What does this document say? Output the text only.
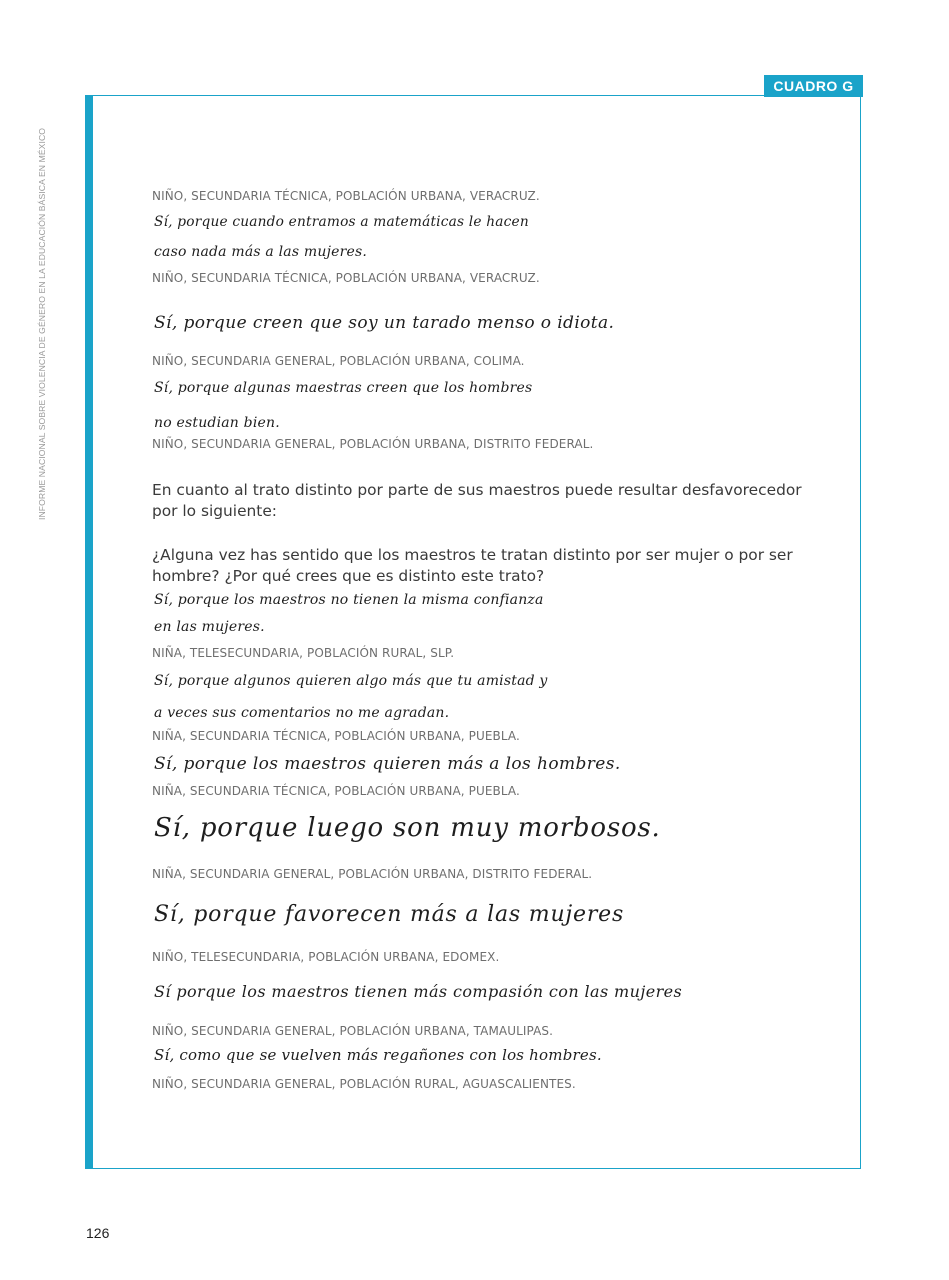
INFORME NACIONAL SOBRE VIOLENCIA DE GÉNERO EN LA EDUCACIÓN BÁSICA EN MÉXICO
CUADRO G
NIÑO, SECUNDARIA TÉCNICA, POBLACIÓN URBANA, VERACRUZ.
Sí, porque cuando entramos a matemáticas le hacen
caso nada más a las mujeres.
NIÑO, SECUNDARIA TÉCNICA, POBLACIÓN URBANA, VERACRUZ.
Sí, porque creen que soy un tarado menso o idiota.
NIÑO, SECUNDARIA GENERAL, POBLACIÓN URBANA, COLIMA.
Sí, porque algunas maestras creen que los hombres
no estudian bien.
NIÑO, SECUNDARIA GENERAL, POBLACIÓN URBANA, DISTRITO FEDERAL.
En cuanto al trato distinto por parte de sus maestros puede resultar desfavorecedor por lo siguiente:
¿Alguna vez has sentido que los maestros te tratan distinto por ser mujer o por ser hombre? ¿Por qué crees que es distinto este trato?
Sí, porque los maestros no tienen la misma confianza
en las mujeres.
NIÑA, TELESECUNDARIA, POBLACIÓN RURAL, SLP.
Sí, porque algunos quieren algo más que tu amistad y
a veces sus comentarios no me agradan.
NIÑA, SECUNDARIA TÉCNICA, POBLACIÓN URBANA, PUEBLA.
Sí, porque los maestros quieren más a los hombres.
NIÑA, SECUNDARIA TÉCNICA, POBLACIÓN URBANA, PUEBLA.
Sí, porque luego son muy morbosos.
NIÑA, SECUNDARIA GENERAL, POBLACIÓN URBANA, DISTRITO FEDERAL.
Sí, porque favorecen más a las mujeres
NIÑO, TELESECUNDARIA, POBLACIÓN URBANA, EDOMEX.
Sí porque los maestros tienen más compasión con las mujeres
NIÑO, SECUNDARIA GENERAL, POBLACIÓN URBANA, TAMAULIPAS.
Sí, como que se vuelven más regañones con los hombres.
NIÑO, SECUNDARIA GENERAL, POBLACIÓN RURAL, AGUASCALIENTES.
126
